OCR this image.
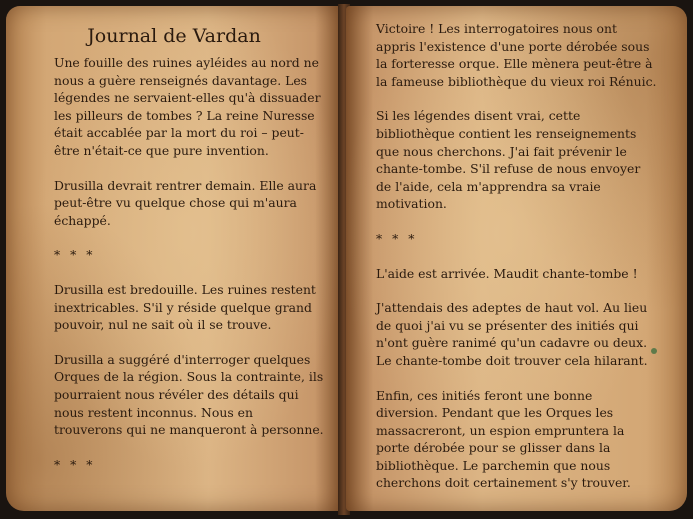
Journal de Vardan

Une fouille des ruines ayléides au nord ne nous a guère renseignés davantage. Les légendes ne servaient-elles qu'à dissuader les pilleurs de tombes ? La reine Nuresse était accablée par la mort du roi – peut-être n'était-ce que pure invention.

Drusilla devrait rentrer demain. Elle aura peut-être vu quelque chose qui m'aura échappé.

* * *

Drusilla est bredouille. Les ruines restent inextricables. S'il y réside quelque grand pouvoir, nul ne sait où il se trouve.

Drusilla a suggéré d'interroger quelques Orques de la région. Sous la contrainte, ils pourraient nous révéler des détails qui nous restent inconnus. Nous en trouverons qui ne manqueront à personne.

* * *

Victoire ! Les interrogatoires nous ont appris l'existence d'une porte dérobée sous la forteresse orque. Elle mènera peut-être à la fameuse bibliothèque du vieux roi Rénuic.

Si les légendes disent vrai, cette bibliothèque contient les renseignements que nous cherchons. J'ai fait prévenir le chante-tombe. S'il refuse de nous envoyer de l'aide, cela m'apprendra sa vraie motivation.

* * *

L'aide est arrivée. Maudit chante-tombe !

J'attendais des adeptes de haut vol. Au lieu de quoi j'ai vu se présenter des initiés qui n'ont guère ranimé qu'un cadavre ou deux. Le chante-tombe doit trouver cela hilarant.

Enfin, ces initiés feront une bonne diversion. Pendant que les Orques les massacreront, un espion emprunterа la porte dérobée pour se glisser dans la bibliothèque. Le parchemin que nous cherchons doit certainement s'y trouver.
